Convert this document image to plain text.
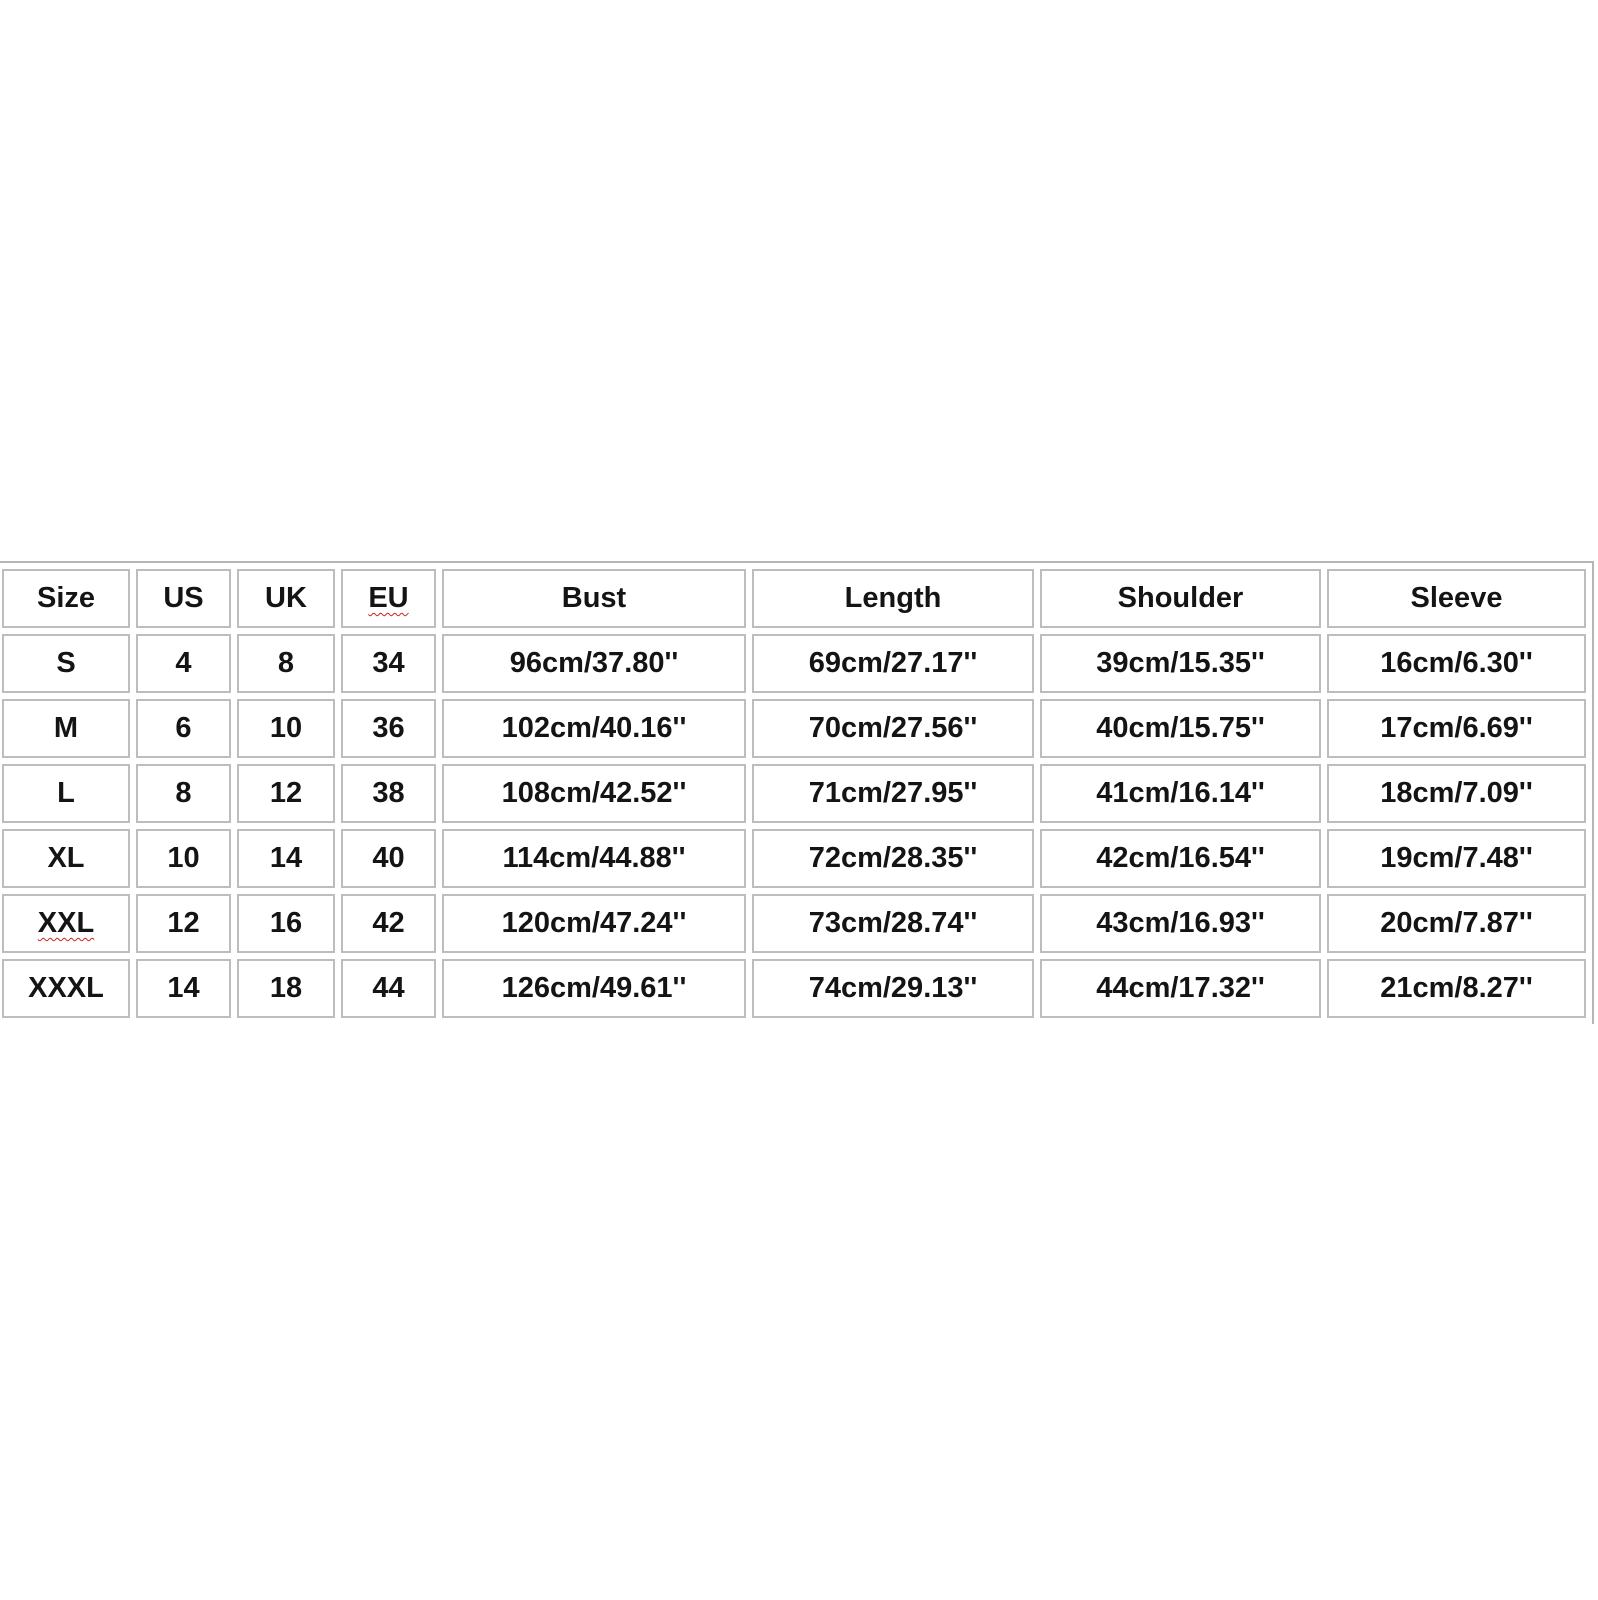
Size	US	UK	EU	Bust	Length	Shoulder	Sleeve
S	4	8	34	96cm/37.80''	69cm/27.17''	39cm/15.35''	16cm/6.30''
M	6	10	36	102cm/40.16''	70cm/27.56''	40cm/15.75''	17cm/6.69''
L	8	12	38	108cm/42.52''	71cm/27.95''	41cm/16.14''	18cm/7.09''
XL	10	14	40	114cm/44.88''	72cm/28.35''	42cm/16.54''	19cm/7.48''
XXL	12	16	42	120cm/47.24''	73cm/28.74''	43cm/16.93''	20cm/7.87''
XXXL	14	18	44	126cm/49.61''	74cm/29.13''	44cm/17.32''	21cm/8.27''
